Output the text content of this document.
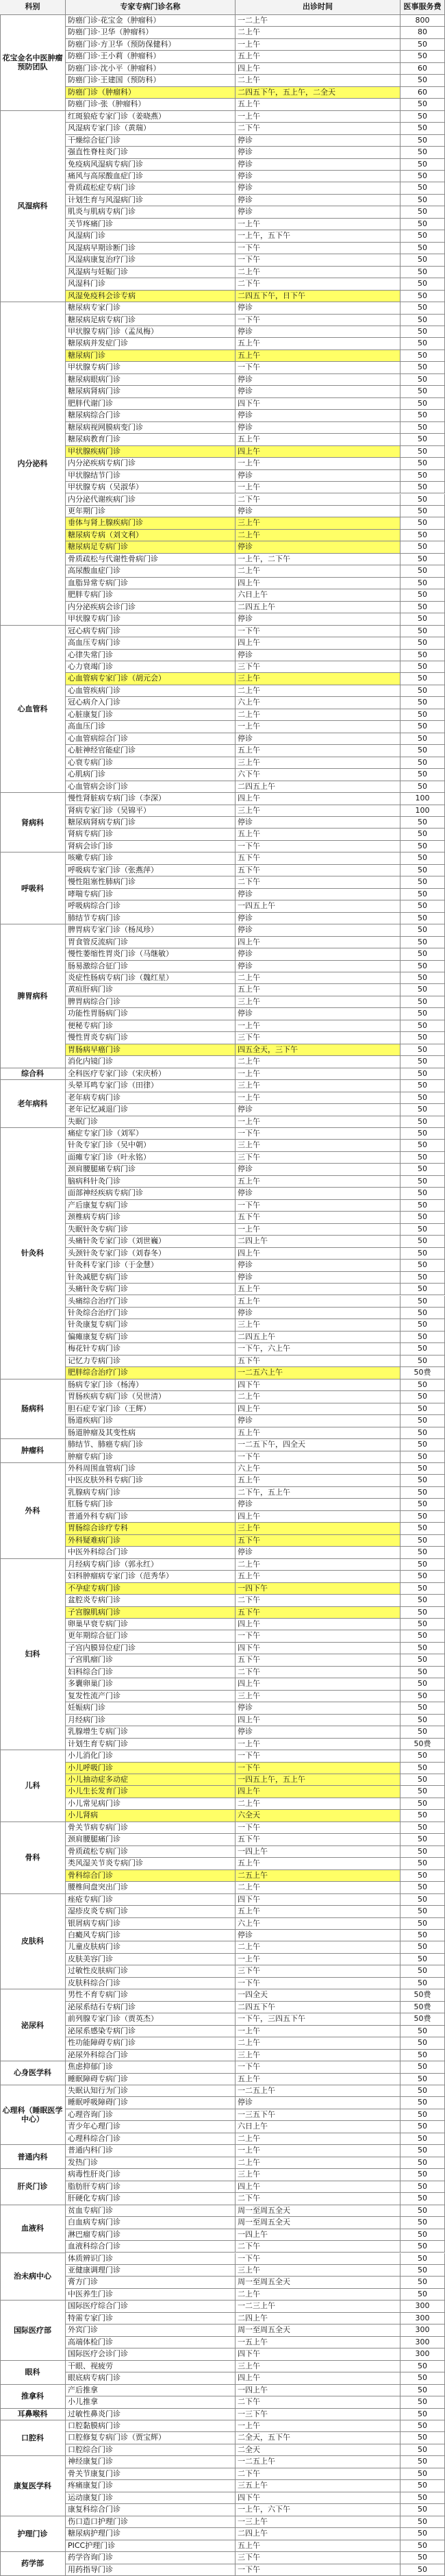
科别	专家专病门诊名称	出诊时间	医事服务费
花宝金名中医肿瘤预防团队
防癌门诊·花宝金（肿瘤科）	一二上午	800
防癌门诊·卫华（肿瘤科）	二上午	80
防癌门诊·方卫华（预防保健科）	一上午	50
防癌门诊·王小莉（肿瘤科）	五上午	50
防癌门诊·沈小平（肿瘤科）	四上午	60
防癌门诊·王建国（预防科）	二上午	50
防癌门诊（肿瘤科）	二四五下午，五上午，二全天	60
防癌门诊·张（肿瘤科）	五上午	50
风湿病科
红斑狼疮专家门诊（姜晓燕）	一上午	50
风湿病专家门诊（黄瑞）	二下午	50
干燥综合征门诊	停诊	50
强直性脊柱炎门诊	停诊	50
免疫病风湿病专病门诊	停诊	50
痛风与高尿酸血症门诊	停诊	50
骨质疏松症专病门诊	停诊	50
计划生育与风湿病门诊	停诊	50
肌炎与肌病专病门诊	停诊	50
关节疼痛门诊	一上午	50
风湿病门诊	一上午，五下午	50
风湿病早期诊断门诊	一下午	50
风湿病康复治疗门诊	一下午	50
风湿病与妊娠门诊	二上午	50
风湿科门诊	二下午	50
风湿免疫科会诊专病	二四五下午，日下午	50
内分泌科
糖尿病专家门诊	停诊	50
糖尿病足病专病门诊	一下午	50
甲状腺专病门诊（孟凤梅）	停诊	50
糖尿病并发症门诊	五上午	50
糖尿病门诊	五上午	50
甲状腺专病门诊	一下午	50
糖尿病眼病门诊	停诊	50
糖尿病肾病门诊	停诊	50
肥胖代谢门诊	四下午	50
糖尿病综合门诊	停诊	50
糖尿病视网膜病变门诊	停诊	50
糖尿病教育门诊	五上午	50
甲状腺疾病门诊	四上午	50
内分泌疾病专病门诊	一上午	50
甲状腺结节门诊	停诊	50
甲状腺专病（吴淑华）	一上午	50
内分泌代谢疾病门诊	二下午	50
更年期门诊	停诊	50
垂体与肾上腺疾病门诊	三上午	50
糖尿病专病（刘文利）	二上午	50
糖尿病足专病门诊	停诊	50
骨质疏松与代谢性骨病门诊	一上午，二下午	50
高尿酸血症门诊	二上午	50
血脂异常专病门诊	四上午	50
肥胖专病门诊	六日上午	50
内分泌疾病会诊门诊	二四五上午	50
甲状腺专病门诊	停诊	50
心血管科
冠心病专病门诊	一下午	50
高血压专病门诊	四上午	50
心律失常门诊	停诊	50
心力衰竭门诊	三下午	50
心血管病专家门诊（胡元会）	三上午	50
心血管疾病门诊	二上午	50
冠心病介入门诊	六上午	50
心脏康复门诊	二上午	50
高血压门诊	一上午	50
心血管病综合门诊	停诊	50
心脏神经官能症门诊	五上午	50
心衰专病门诊	三上午	50
心肌病门诊	六下午	50
心血管病会诊门诊	二四五上午	50
肾病科
慢性肾脏病专病门诊（李深）	四上午	100
肾病专家门诊（吴锦平）	三上午	100
糖尿病肾病专病门诊	停诊	50
肾病专病门诊	五上午	50
肾病会诊门诊	一下午	50
呼吸科
咳嗽专病门诊	五下午	50
呼吸病专家门诊（张燕萍）	五下午	50
慢性阻塞性肺病门诊	二下午	50
哮喘专病门诊	停诊	50
呼吸病综合门诊	一四五上午	50
肺结节专病门诊	停诊	50
脾胃病科
脾胃病专家门诊（杨凤珍）	停诊	50
胃食管反流病门诊	四上午	50
慢性萎缩性胃炎门诊（马继敏）	停诊	50
肠易激综合征门诊	停诊	50
炎症性肠病专病门诊（魏红星）	二上午	50
黄疸肝病门诊	五上午	50
脾胃病综合门诊	三上午	50
功能性胃肠病门诊	停诊	50
便秘专病门诊	一上午	50
慢性胃炎专病门诊	三下午	50
胃肠病早癌门诊	四五全天，三下午	50
消化内镜门诊	二上午	50
综合科	全科医疗专家门诊（宋庆桥）	一上午	50
老年病科
头晕耳鸣专家门诊（田律）	三上午	50
老年病专病门诊	一上午	50
老年记忆减退门诊	停诊	50
失眠门诊	一上午	50
针灸科
痛症专家门诊（刘军）	一下午	50
针灸专家门诊（吴中朝）	三上午	50
面瘫专家门诊（叶永铭）	三下午	50
颈肩腰腿痛专病门诊	停诊	50
脑病科针灸门诊	五上午	50
面部神经疾病专病门诊	停诊	50
产后康复专病门诊	一下午	50
颈椎病专病门诊	五下午	50
失眠针灸专病门诊	一上午	50
头痛针灸专家门诊（刘世巍）	二四上午	50
头颈针灸专家门诊（刘春冬）	四上午	50
针灸科专家门诊（于金慧）	停诊	50
针灸减肥专病门诊	停诊	50
头痛针灸专病门诊	五上午	50
头痛综合治疗门诊	五上午	50
针灸综合治疗门诊	停诊	50
针灸康复专病门诊	三上午	50
偏瘫康复专病门诊	二四五上午	50
梅花针专病门诊	一下午，六上午	50
记忆力专病门诊	五下午	50
肥胖综合治疗门诊	一二五六上午	50费
肠病科
肠病专家门诊（杨涛）	四下午	50
胃肠疾病专病门诊（吴世清）	二上午	50
胆石症专家门诊（王辉）	四上午	50
肠道疾病门诊	停诊	50
肠道肿瘤及其变性病	五上午	50
肿瘤科
肺结节、肺癌专病门诊	一二五下午，四全天	50
肿瘤专病门诊	一下午	50
外科
外科周围血管病门诊	六上午	50
中医皮肤外科专病门诊	五上午	50
乳腺病专病门诊	二下午，五上午	50
肛肠专病门诊	停诊	50
普通外科专病门诊	四上午	50
胃肠综合诊疗专科	三上午	50
外科疑难病门诊	五下午	50
中医外科综合门诊	停诊	50
妇科
月经病专病门诊（郭永红）	二上午	50
妇科肿瘤病专家门诊（范秀华）	五上午	50
不孕症专病门诊	一四下午	50
盆腔炎专病门诊	二下午	50
子宫腺肌病门诊	五下午	50
卵巢早衰专病门诊	四上午	50
更年期综合征门诊	一下午	50
子宫内膜异位症门诊	四下午	50
子宫肌瘤门诊	五下午	50
妇科综合门诊	二下午	50
多囊卵巢门诊	四上午	50
复发性流产门诊	三上午	50
妊娠病门诊	停诊	50
月经病门诊	四上午	50
乳腺增生专病门诊	停诊	50
计划生育专病门诊	一上午	50费
儿科
小儿消化门诊	一下午	50
小儿呼吸门诊	一下午	50
小儿抽动症多动症	一四五上午，五上午	50
小儿生长发育门诊	四上午	50
小儿常见病门诊	二上午	50
小儿肾病	六全天	50
骨科
骨关节病专病门诊	一下午	50
颈肩腰腿痛门诊	五下午	50
骨质疏松专病门诊	一四上午	50
类风湿关节炎专病门诊	五上午	50
骨科综合门诊	二五上午	50
腰椎间盘突出门诊	二上午	50
皮肤科
痤疮专病门诊	四下午	50
湿疹皮炎专病门诊	五上午	50
银屑病专病门诊	六上午	50
白癜风专病门诊	停诊	50
儿童皮肤病门诊	二上午	50
皮肤美容门诊	一上午	50
过敏性皮肤病门诊	三下午	50
皮肤科综合门诊	一下午	50
泌尿科
男性不育专病门诊	一四全天	50费
泌尿系结石专病门诊	二四五下午	50费
前列腺专家门诊（贾英杰）	一下午，三四五下午	50费
泌尿系感染专病门诊	一上午	50
性功能障碍专病门诊	二上午	50
泌尿外科综合门诊	三上午	50
心身医学科
焦虑抑郁门诊	一下午	50
睡眠障碍专病门诊	五上午	50
心理科（睡眠医学中心）
失眠认知行为门诊	一二五上午	50
睡眠呼吸障碍门诊	停诊	50
心理咨询门诊	一三五下午	50
青少年心理门诊	六日上午	50
心理科综合门诊	二上午	50
普通内科
普通内科门诊	一上午	50
发热门诊	二上午	50
肝炎门诊
病毒性肝炎门诊	三上午	50
脂肪肝专病门诊	四上午	50
肝硬化专病门诊	二下午	50
血液科
贫血专病门诊	周一至周五全天	50
白血病专病门诊	周一至周五全天	50
淋巴瘤专病门诊	一四上午	50
血液科综合门诊	二下午	50
治未病中心
体质辨识门诊	一下午	50
亚健康调理门诊	三上午	50
膏方门诊	周一至周五全天	50
中医养生门诊	二上午	50
国际医疗部
国际医疗综合门诊	一二三上午	300
特需专家门诊	二四上午	300
外宾门诊	周一至周五全天	300
高端体检门诊	一五上午	300
国际医疗会诊门诊	四下午	300
眼科
干眼、视疲劳	三上午	50
眼底病专病门诊	四上午	50
推拿科
产后推拿	一四上午	50
小儿推拿	二下午	50
耳鼻喉科	过敏性鼻炎门诊	一三下午	50
口腔科
口腔黏膜病门诊	一上午	50
口腔修复专病门诊（贾宝辉）	二全天，五下午	50
口腔综合门诊	二全天	50
康复医学科
神经康复门诊	一二五上午	50
骨关节康复门诊	二下午	50
疼痛康复门诊	三五上午	50
运动康复门诊	四下午	50
康复科综合门诊	一上午，六下午	50
护理门诊
伤口造口护理门诊	一三上午	50
糖尿病护理门诊	二四上午	50
PICC护理门诊	五上午	50
药学部
药学咨询门诊	三下午	50
用药指导门诊	一下午	50
